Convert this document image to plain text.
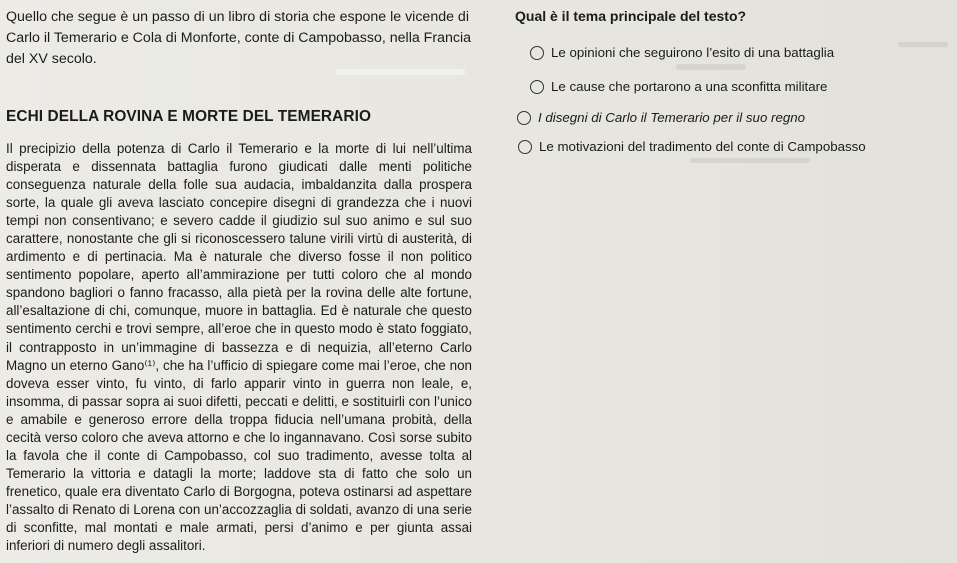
Quello che segue è un passo di un libro di storia che espone le vicende di Carlo il Temerario e Cola di Monforte, conte di Campobasso, nella Francia del XV secolo.

ECHI DELLA ROVINA E MORTE DEL TEMERARIO
Il precipizio della potenza di Carlo il Temerario e la morte di lui nell’ultima disperata e dissennata battaglia furono giudicati dalle menti politiche conseguenza naturale della folle sua audacia, imbaldanzita dalla prospera sorte, la quale gli aveva lasciato concepire disegni di grandezza che i nuovi tempi non consentivano; e severo cadde il giudizio sul suo animo e sul suo carattere, nonostante che gli si riconoscessero talune virili virtù di austerità, di ardimento e di pertinacia. Ma è naturale che diverso fosse il non politico sentimento popolare, aperto all’ammirazione per tutti coloro che al mondo spandono bagliori o fanno fracasso, alla pietà per la rovina delle alte fortune, all’esaltazione di chi, comunque, muore in battaglia. Ed è naturale che questo sentimento cerchi e trovi sempre, all’eroe che in questo modo è stato foggiato, il contrapposto in un’immagine di bassezza e di nequizia, all’eterno Carlo Magno un eterno Gano⁽¹⁾, che ha l’ufficio di spiegare come mai l’eroe, che non doveva esser vinto, fu vinto, di farlo apparir vinto in guerra non leale, e, insomma, di passar sopra ai suoi difetti, peccati e delitti, e sostituirli con l’unico e amabile e generoso errore della troppa fiducia nell’umana probità, della cecità verso coloro che aveva attorno e che lo ingannavano. Così sorse subito la favola che il conte di Campobasso, col suo tradimento, avesse tolta al Temerario la vittoria e datagli la morte; laddove sta di fatto che solo un frenetico, quale era diventato Carlo di Borgogna, poteva ostinarsi ad aspettare l’assalto di Renato di Lorena con un’accozzaglia di soldati, avanzo di una serie di sconfitte, mal montati e male armati, persi d’animo e per giunta assai inferiori di numero degli assalitori.
Qual è il tema principale del testo?
Le opinioni che seguirono l’esito di una battaglia
Le cause che portarono a una sconfitta militare
I disegni di Carlo il Temerario per il suo regno
Le motivazioni del tradimento del conte di Campobasso
